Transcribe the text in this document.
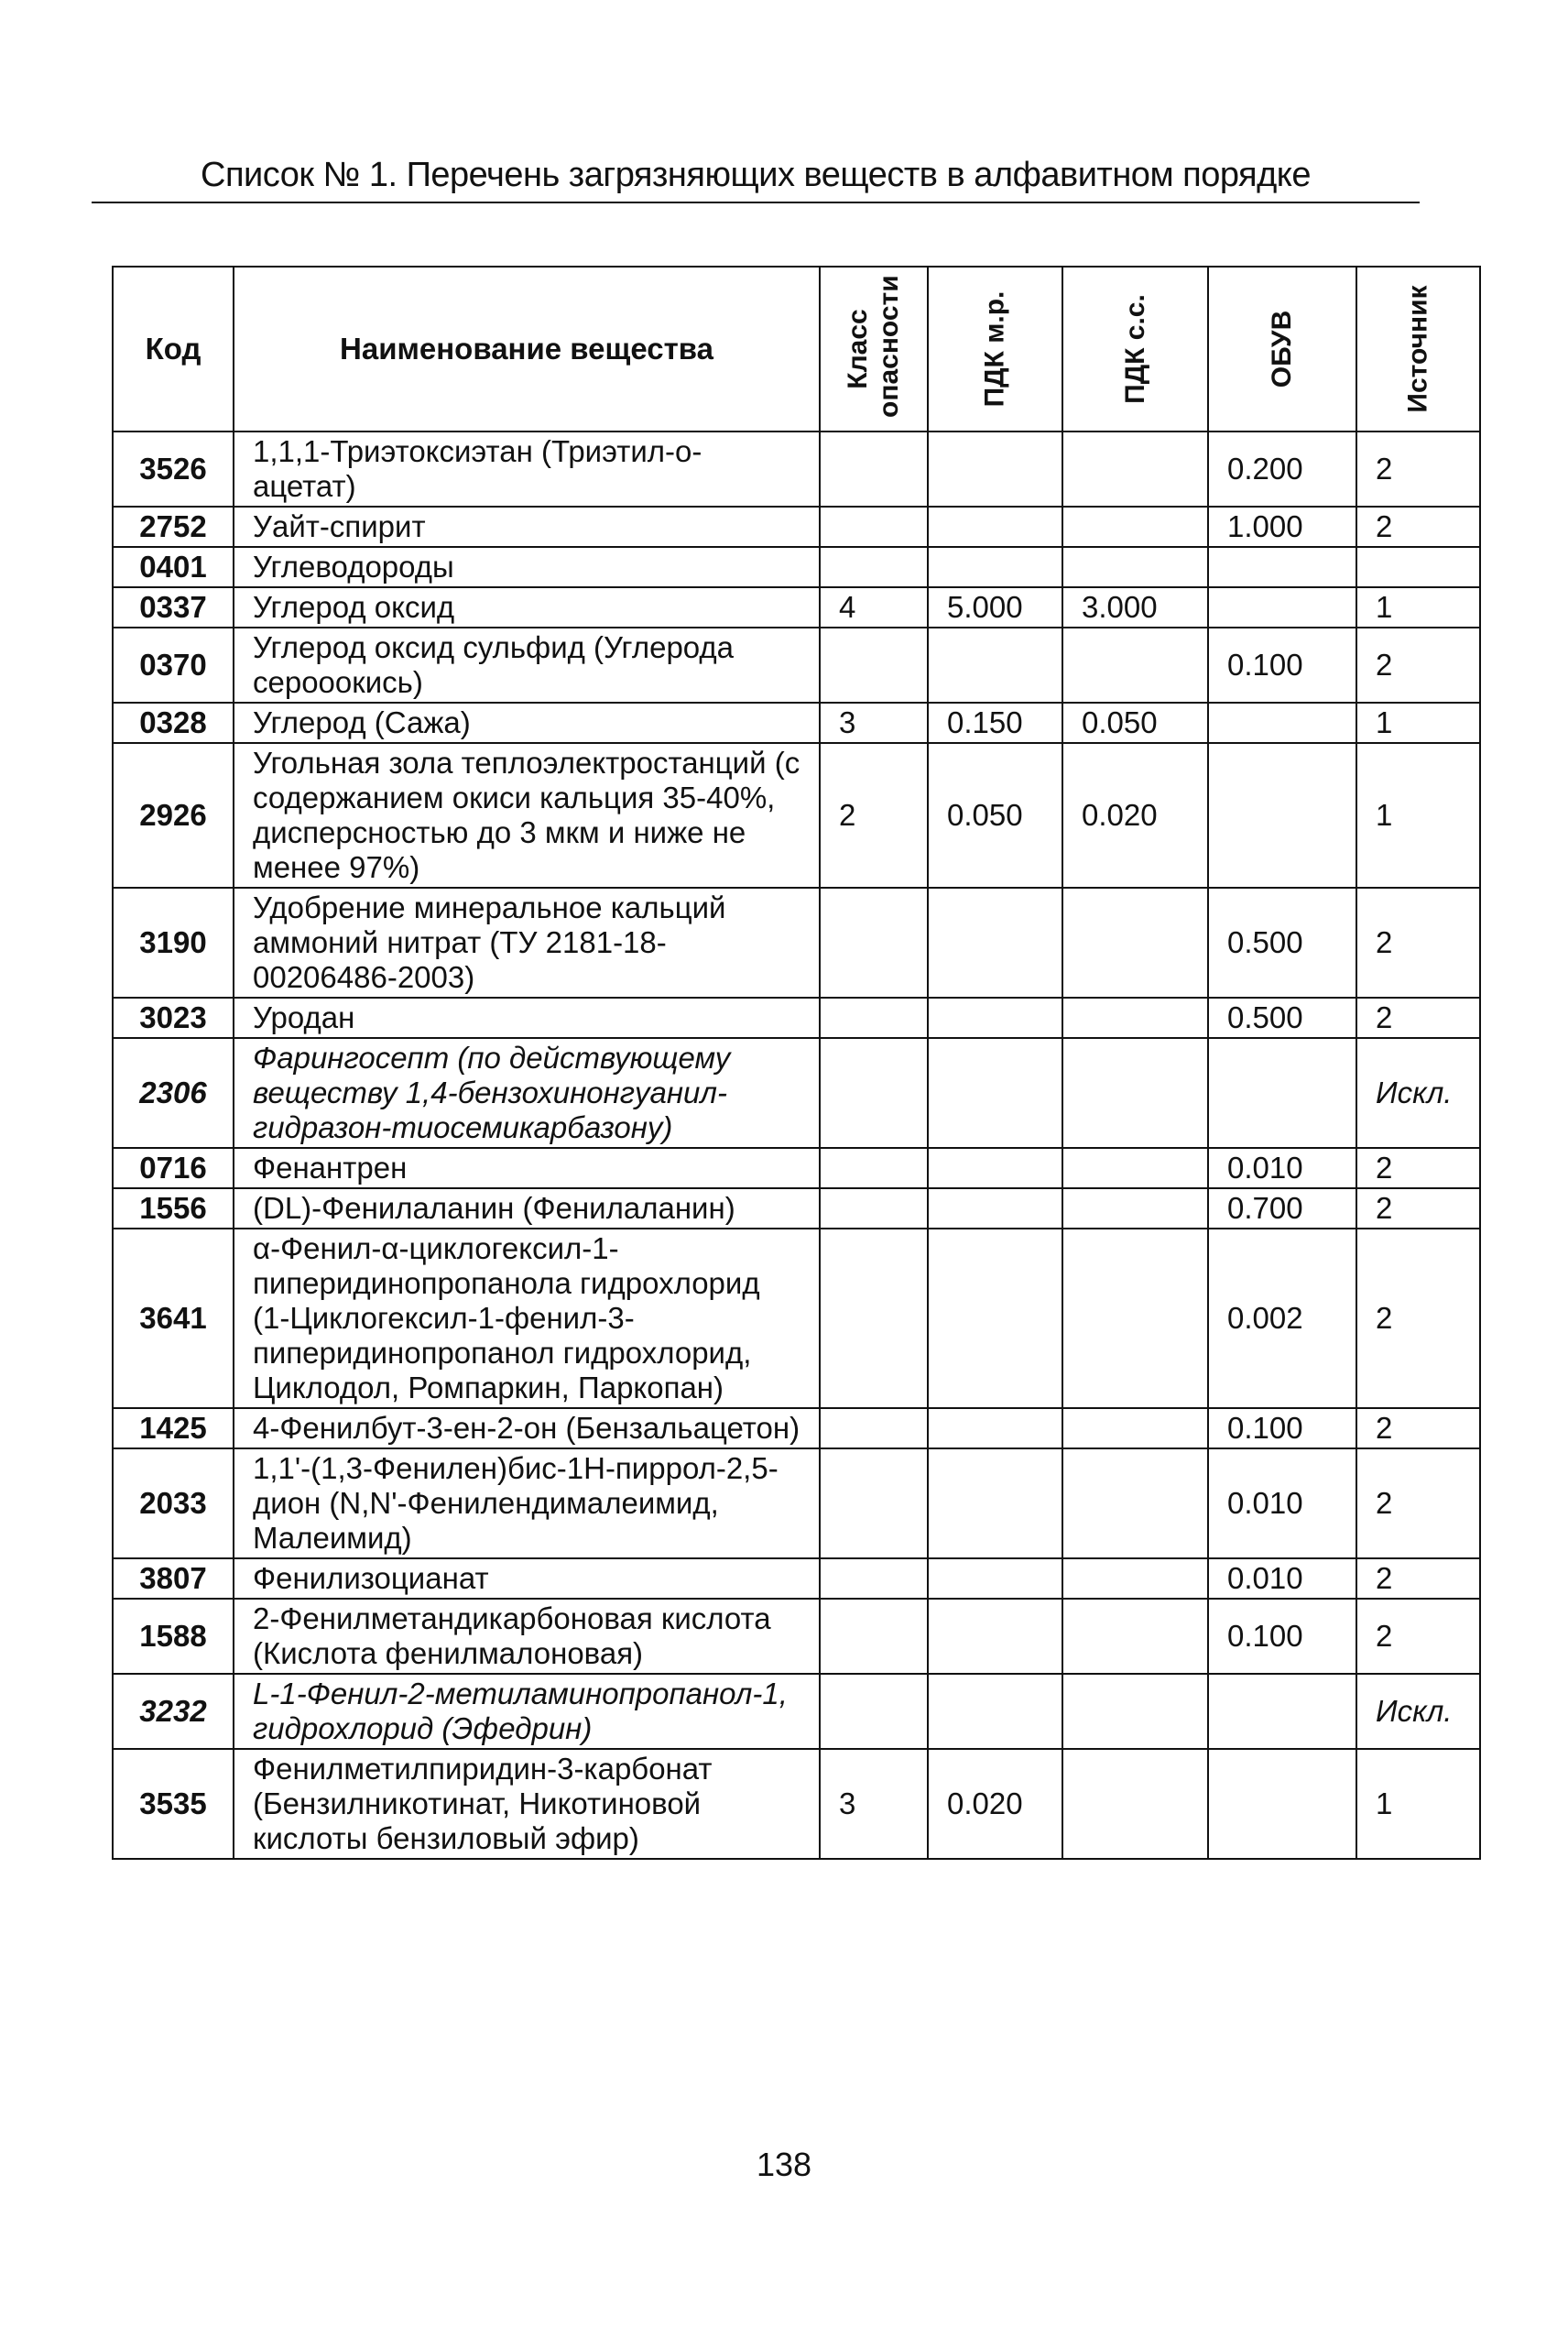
Список № 1. Перечень загрязняющих веществ в алфавитном порядке
Код	Наименование вещества	Класс опасности	ПДК м.р.	ПДК с.с.	ОБУВ	Источник

3526	1,1,1-Триэтоксиэтан (Триэтил-о-ацетат)				0.200	2
2752	Уайт-спирит				1.000	2
0401	Углеводороды					
0337	Углерод оксид	4	5.000	3.000		1
0370	Углерод оксид сульфид (Углерода серооокись)				0.100	2
0328	Углерод (Сажа)	3	0.150	0.050		1
2926	Угольная зола теплоэлектростанций (с содержанием окиси кальция 35-40%, дисперсностью до 3 мкм и ниже не менее 97%)	2	0.050	0.020		1
3190	Удобрение минеральное кальций аммоний нитрат (ТУ 2181-18-00206486-2003)				0.500	2
3023	Уродан				0.500	2
2306	Фарингосепт (по действующему веществу 1,4-бензохинонгуанил-гидразон-тиосемикарбазону)					Искл.
0716	Фенантрен				0.010	2
1556	(DL)-Фенилаланин (Фенилаланин)				0.700	2
3641	α-Фенил-α-циклогексил-1-пиперидинопропанола гидрохлорид (1-Циклогексил-1-фенил-3-пиперидинопропанол гидрохлорид, Циклодол, Ромпаркин, Паркопан)				0.002	2
1425	4-Фенилбут-3-ен-2-он (Бензальацетон)				0.100	2
2033	1,1'-(1,3-Фенилен)бис-1Н-пиррол-2,5-дион (N,N'-Фенилендималеимид, Малеимид)				0.010	2
3807	Фенилизоцианат				0.010	2
1588	2-Фенилметандикарбоновая кислота (Кислота фенилмалоновая)				0.100	2
3232	L-1-Фенил-2-метиламинопропанол-1, гидрохлорид (Эфедрин)					Искл.
3535	Фенилметилпиридин-3-карбонат (Бензилникотинат, Никотиновой кислоты бензиловый эфир)	3	0.020			1
138
